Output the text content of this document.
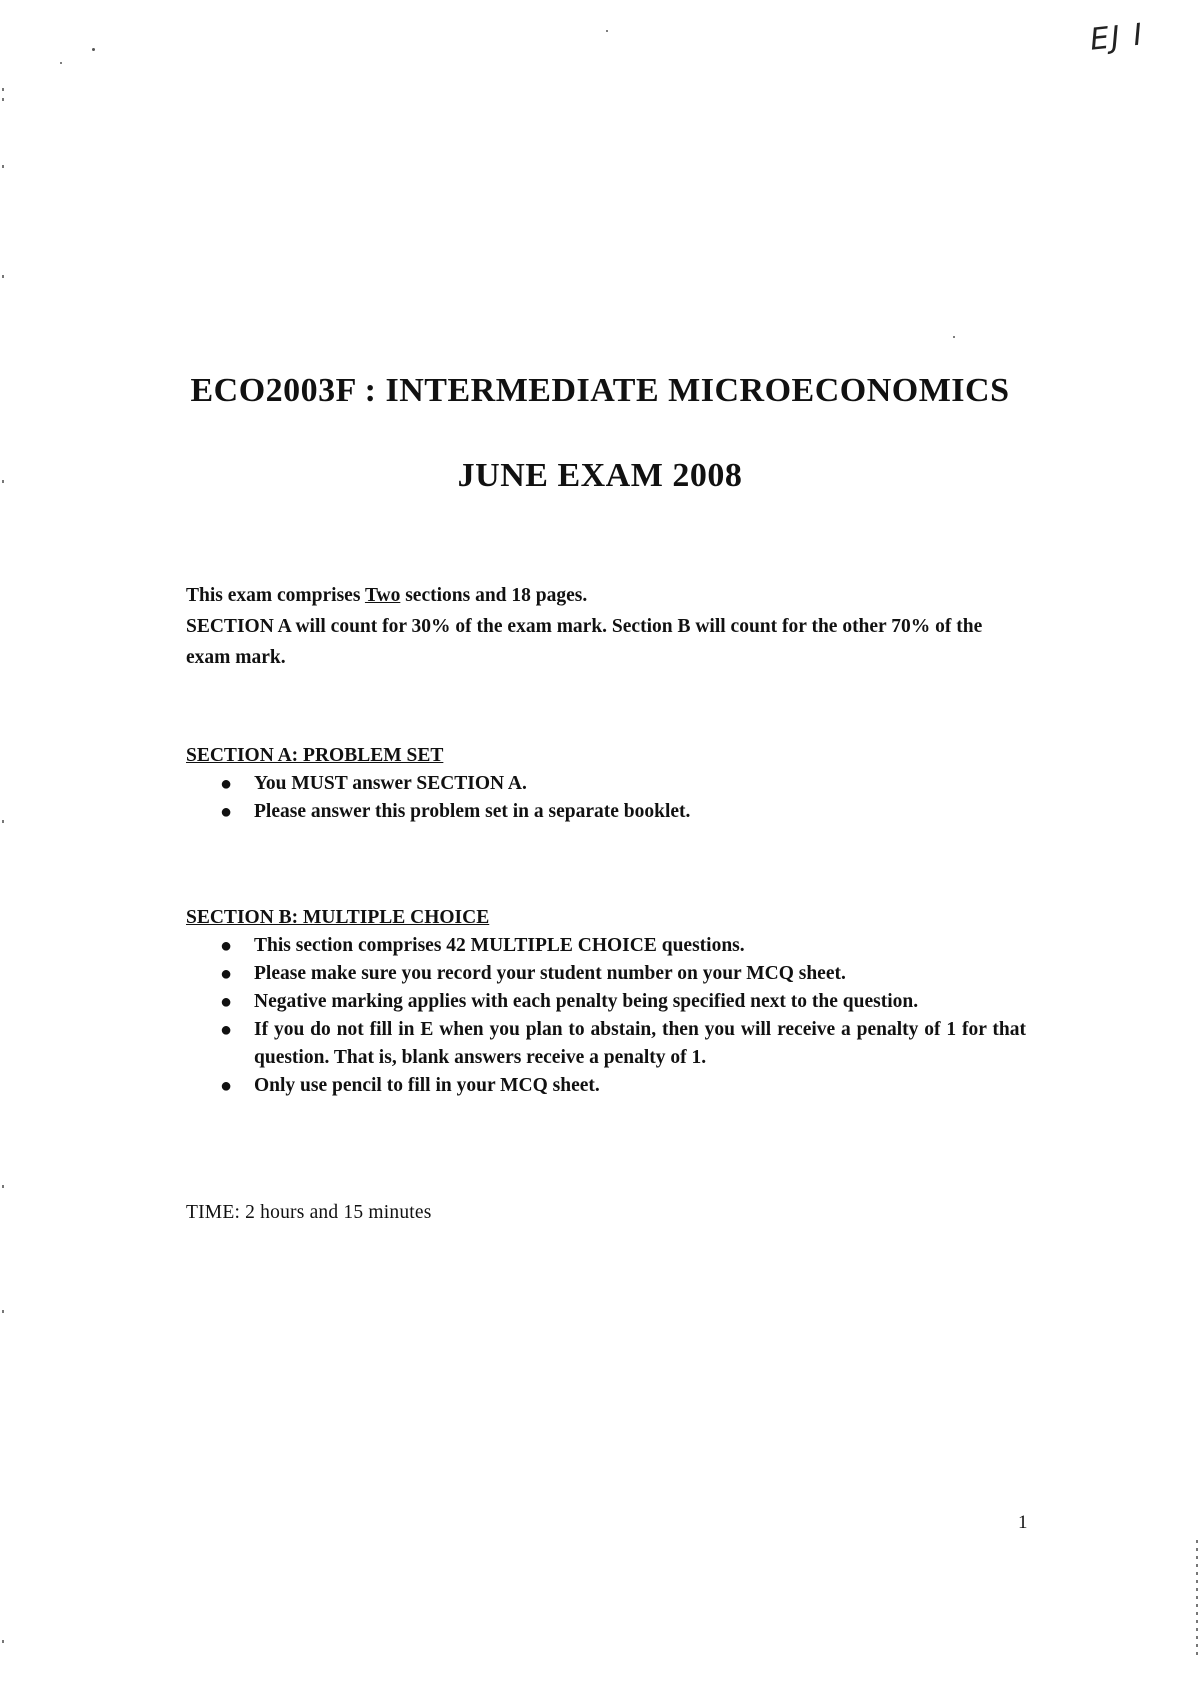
EJ I
ECO2003F : INTERMEDIATE MICROECONOMICS
JUNE EXAM 2008

This exam comprises Two sections and 18 pages.

SECTION A will count for 30% of the exam mark. Section B will count for the other 70% of the exam mark.

SECTION A: PROBLEM SET
● You MUST answer SECTION A.
● Please answer this problem set in a separate booklet.
SECTION B: MULTIPLE CHOICE
● This section comprises 42 MULTIPLE CHOICE questions.
● Please make sure you record your student number on your MCQ sheet.
● Negative marking applies with each penalty being specified next to the question.
● If you do not fill in E when you plan to abstain, then you will receive a penalty of 1 for that question. That is, blank answers receive a penalty of 1.
● Only use pencil to fill in your MCQ sheet.
TIME: 2 hours and 15 minutes
1
